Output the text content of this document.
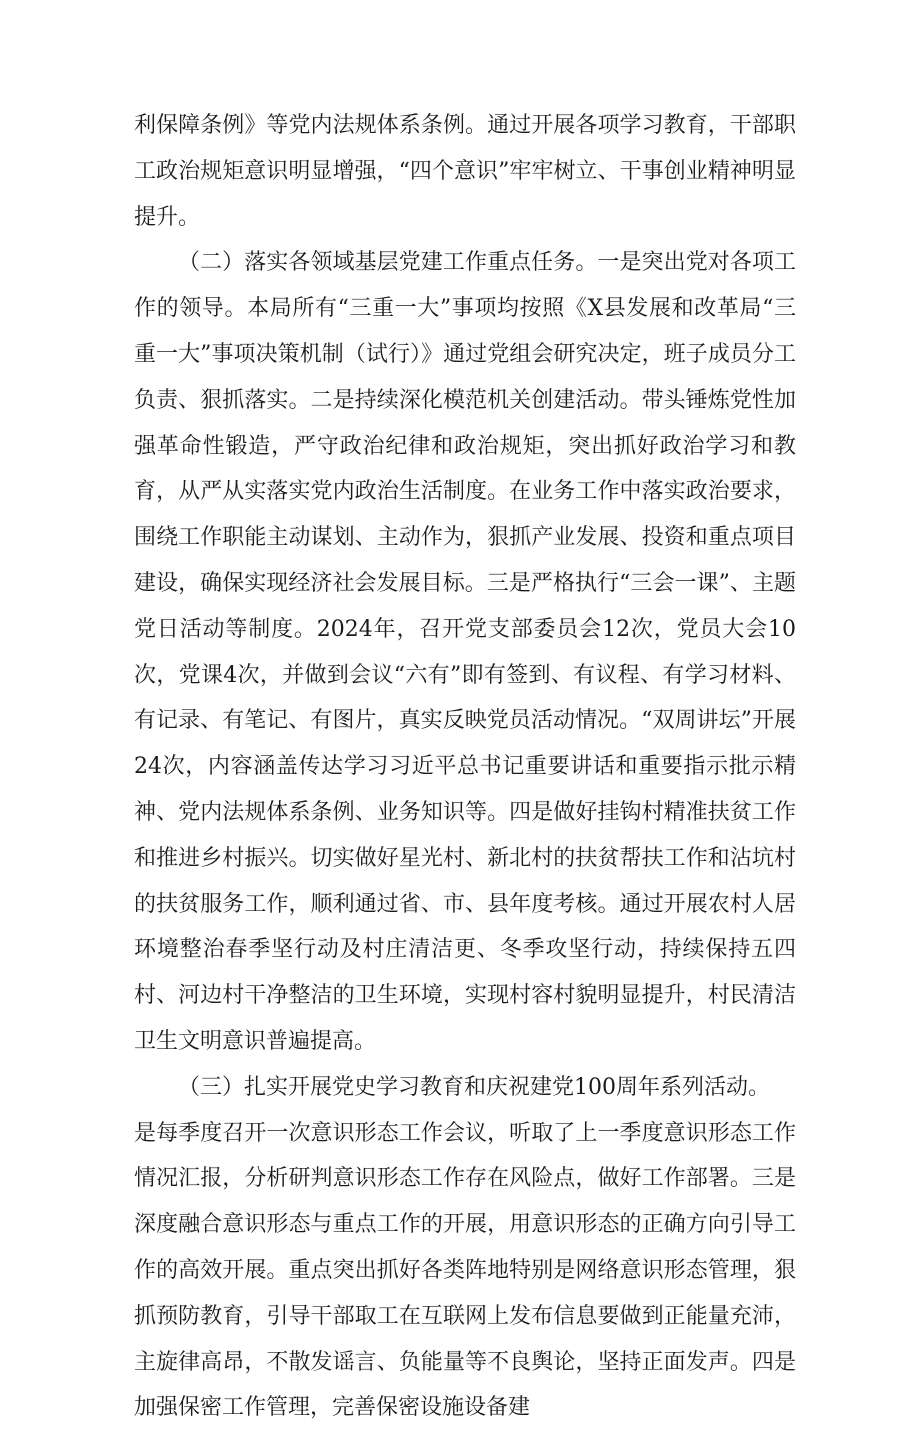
利保障条例》等党内法规体系条例。通过开展各项学习教育，干部职工政治规矩意识明显增强，“四个意识”牢牢树立、干事创业精神明显提升。

（二）落实各领域基层党建工作重点任务。一是突出党对各项工作的领导。本局所有“三重一大”事项均按照《X县发展和改革局“三重一大”事项决策机制（试行）》通过党组会研究决定，班子成员分工负责、狠抓落实。二是持续深化模范机关创建活动。带头锤炼党性加强革命性锻造，严守政治纪律和政治规矩，突出抓好政治学习和教育，从严从实落实党内政治生活制度。在业务工作中落实政治要求，围绕工作职能主动谋划、主动作为，狠抓产业发展、投资和重点项目建设，确保实现经济社会发展目标。三是严格执行“三会一课”、主题党日活动等制度。2024年，召开党支部委员会12次，党员大会10次，党课4次，并做到会议“六有”即有签到、有议程、有学习材料、有记录、有笔记、有图片，真实反映党员活动情况。“双周讲坛”开展24次，内容涵盖传达学习习近平总书记重要讲话和重要指示批示精神、党内法规体系条例、业务知识等。四是做好挂钩村精准扶贫工作和推进乡村振兴。切实做好星光村、新北村的扶贫帮扶工作和沾坑村的扶贫服务工作，顺利通过省、市、县年度考核。通过开展农村人居环境整治春季坚行动及村庄清洁更、冬季攻坚行动，持续保持五四村、河边村干净整洁的卫生环境，实现村容村貌明显提升，村民清洁卫生文明意识普遍提高。

（三）扎实开展党史学习教育和庆祝建党100周年系列活动。

是每季度召开一次意识形态工作会议，听取了上一季度意识形态工作情况汇报，分析研判意识形态工作存在风险点，做好工作部署。三是深度融合意识形态与重点工作的开展，用意识形态的正确方向引导工作的高效开展。重点突出抓好各类阵地特别是网络意识形态管理，狠抓预防教育，引导干部取工在互联网上发布信息要做到正能量充沛，主旋律高昂，不散发谣言、负能量等不良舆论，坚持正面发声。四是加强保密工作管理，完善保密设施设备建
